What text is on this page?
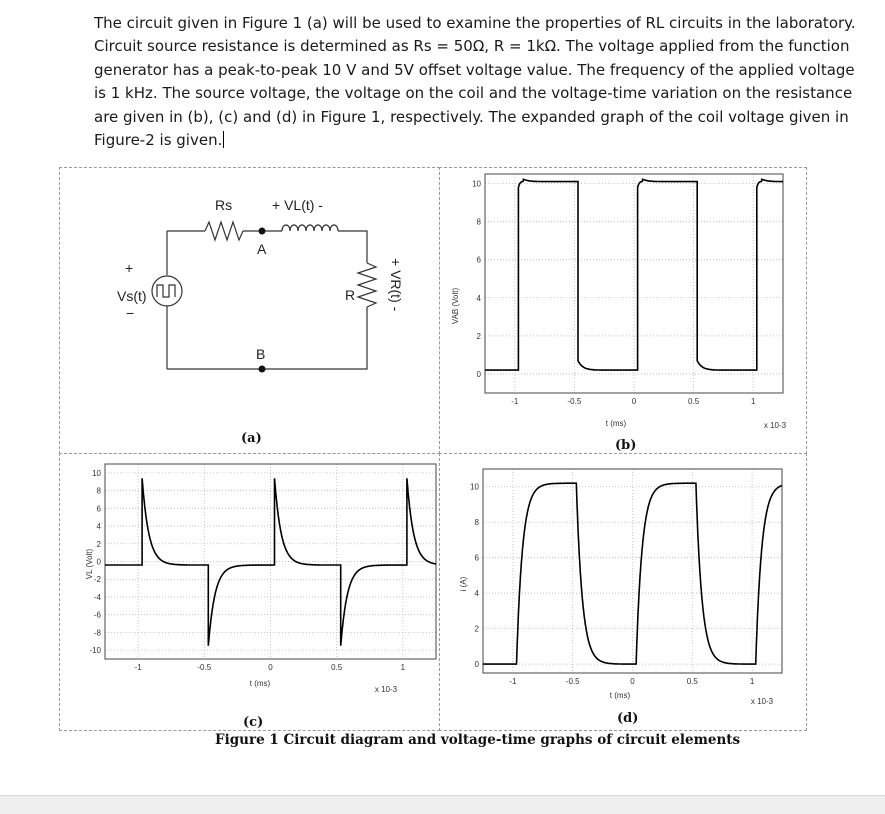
The circuit given in Figure 1 (a) will be used to examine the properties of RL circuits in the laboratory.
Circuit source resistance is determined as Rs = 50Ω, R = 1kΩ. The voltage applied from the function
generator has a peak-to-peak 10 V and 5V offset voltage value. The frequency of the applied voltage
is 1 kHz. The source voltage, the voltage on the coil and the voltage-time variation on the resistance
are given in (b), (c) and (d) in Figure 1, respectively. The expanded graph of the coil voltage given in
Figure-2 is given.
Rs	+ VL(t) -
A
B
+
Vs(t)
−
R + VR(t) -
(a)
0
2
4
6
8
10
-1	-0.5	0	0.5	1
t (ms)	x 10-3
VAB (Volt)
(b)
-10
-8
-6
-4
-2
0
2
4
6
8
10
-1	-0.5	0	0.5	1
t (ms)
x 10-3
VL (Volt)
(c)
0
2
4
6
8
10
-1	-0.5	0	0.5	1
t (ms)
x 10-3
i (A)
(d)
Figure 1 Circuit diagram and voltage-time graphs of circuit elements
